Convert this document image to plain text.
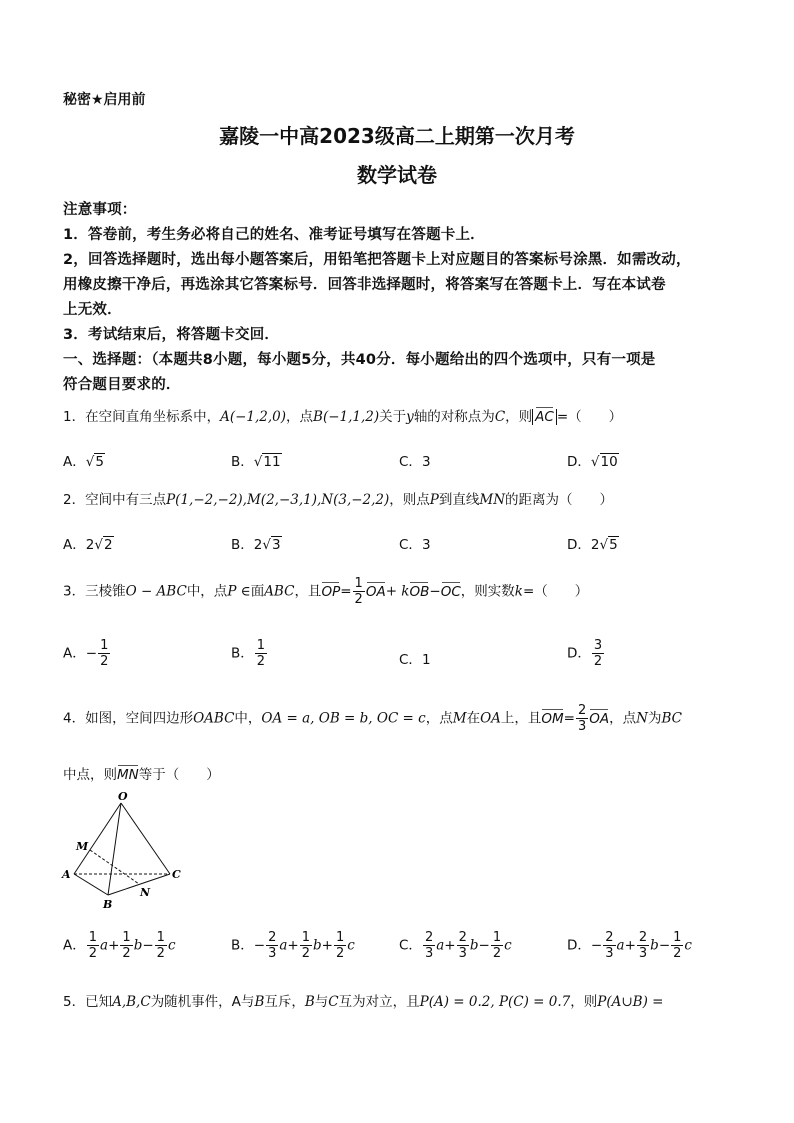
秘密★启用前
嘉陵一中高2023级高二上期第一次月考
数学试卷
注意事项：
1．答卷前，考生务必将自己的姓名、准考证号填写在答题卡上．
2，回答选择题时，选出每小题答案后，用铅笔把答题卡上对应题目的答案标号涂黑．如需改动，
用橡皮擦干净后，再选涂其它答案标号．回答非选择题时，将答案写在答题卡上．写在本试卷
上无效．
3．考试结束后，将答题卡交回．
一、选择题：（本题共8小题，每小题5分，共40分．每小题给出的四个选项中，只有一项是
符合题目要求的．
1．在空间直角坐标系中，A(−1,2,0)，点B(−1,1,2)关于y轴的对称点为C，则 AC =（　　）
A．√5	B．√11	C．3	D．√10
2．空间中有三点P(1,−2,−2),M(2,−3,1),N(3,−2,2)，则点P到直线MN的距离为（　　）
A．2√2	B．2√3	C．3	D．2√5
3．三棱锥O − ABC中，点P ∈面ABC，且$OP= \frac{1}{2} OA+ kOB-OC$，则实数k=（　　）
A．− $\frac{1}{2}$	B． $\frac{1}{2}$	C．1	D． $\frac{3}{2}$
4．如图，空间四边形OABC中，OA = a, OB = b, OC = c，点M在OA上，且$OM= \frac{2}{3}$ OA，点N为BC
中点，则MN等于（　　）
O
M
A
B
N
C
A． $\frac{1}{2} a+ \frac{1}{2} b- \frac{1}{2}$ c	B．− $\frac{2}{3} a+ \frac{1}{2} b+ \frac{1}{2}$ c	C． $\frac{2}{3} a+ \frac{2}{3} b- \frac{1}{2}$ c	D．− $\frac{2}{3} a+ \frac{2}{3} b- \frac{1}{2}$ c
5．已知A,B,C为随机事件，A与B互斥，B与C互为对立，且P(A) = 0.2, P(C) = 0.7，则P(A∪B) =
